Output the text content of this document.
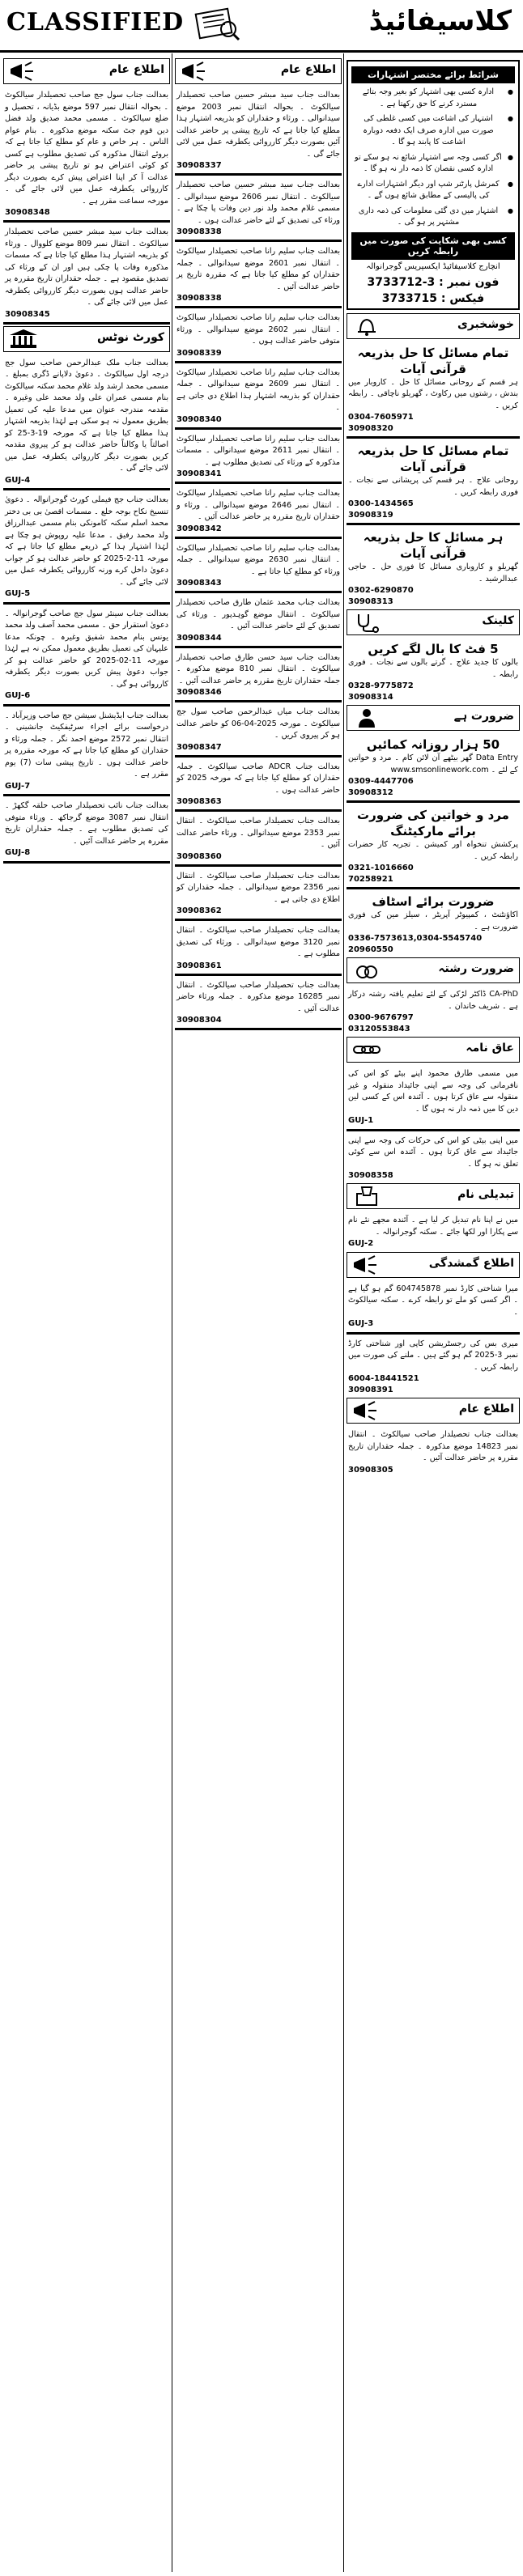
CLASSIFIED	کلاسیفائیڈ
اطلاع عام
بعدالت جناب سول جج صاحب تحصیلدار سیالکوٹ ۔ بحوالہ انتقال نمبر 597 موضع بڈیانہ ، تحصیل و ضلع سیالکوٹ ۔ مسمی محمد صدیق ولد فضل دین قوم جٹ سکنہ موضع مذکورہ ۔ بنام عوام الناس ۔ ہر خاص و عام کو مطلع کیا جاتا ہے کہ بروئے انتقال مذکورہ کی تصدیق مطلوب ہے کسی کو کوئی اعتراض ہو تو تاریخ پیشی پر حاضر عدالت آ کر اپنا اعتراض پیش کرے بصورت دیگر کارروائی یکطرفہ عمل میں لائی جائے گی ۔ مورخہ سماعت مقرر ہے ۔
30908348
بعدالت جناب سید مبشر حسین صاحب تحصیلدار سیالکوٹ ۔ انتقال نمبر 809 موضع کلووال ۔ ورثاء کو بذریعہ اشتہار ہذا مطلع کیا جاتا ہے کہ مسمات مذکورہ وفات پا چکی ہیں اور ان کے ورثاء کی تصدیق مقصود ہے ۔ جملہ حقداران تاریخ مقررہ پر حاضر عدالت ہوں بصورت دیگر کارروائی یکطرفہ عمل میں لائی جائے گی ۔
30908345
کورٹ نوٹس
بعدالت جناب ملک عبدالرحمن صاحب سول جج درجہ اول سیالکوٹ ۔ دعویٰ دلاپانے ڈگری بمبلغ ۔ مسمی محمد ارشد ولد غلام محمد سکنہ سیالکوٹ بنام مسمی عمران علی ولد محمد علی وغیرہ ۔ مقدمہ مندرجہ عنوان میں مدعا علیہ کی تعمیل بطریق معمول نہ ہو سکی ہے لہٰذا بذریعہ اشتہار ہذا مطلع کیا جاتا ہے کہ مورخہ 19-3-25 کو اصالتاً یا وکالتاً حاضر عدالت ہو کر پیروی مقدمہ کریں بصورت دیگر کارروائی یکطرفہ عمل میں لائی جائے گی ۔
GUJ-4
بعدالت جناب جج فیملی کورٹ گوجرانوالہ ۔ دعویٰ تنسیخ نکاح بوجہ خلع ۔ مسمات اقصیٰ بی بی دختر محمد اسلم سکنہ کامونکی بنام مسمی عبدالرزاق ولد محمد رفیق ۔ مدعا علیہ روپوش ہو چکا ہے لہٰذا اشتہار ہذا کے ذریعے مطلع کیا جاتا ہے کہ مورخہ 11-2-2025 کو حاضر عدالت ہو کر جواب دعویٰ داخل کرے ورنہ کارروائی یکطرفہ عمل میں لائی جائے گی ۔
GUJ-5
بعدالت جناب سینئر سول جج صاحب گوجرانوالہ ۔ دعویٰ استقرار حق ۔ مسمی محمد آصف ولد محمد یونس بنام محمد شفیق وغیرہ ۔ چونکہ مدعا علیہان کی تعمیل بطریق معمول ممکن نہ ہے لہٰذا مورخہ 11-02-2025 کو حاضر عدالت ہو کر جواب دعویٰ پیش کریں بصورت دیگر یکطرفہ کارروائی ہو گی ۔
GUJ-6
بعدالت جناب ایڈیشنل سیشن جج صاحب وزیرآباد ۔ درخواست برائے اجراء سرٹیفکیٹ جانشینی ۔ انتقال نمبر 2572 موضع احمد نگر ۔ جملہ ورثاء و حقداران کو مطلع کیا جاتا ہے کہ مورخہ مقررہ پر حاضر عدالت ہوں ۔ تاریخ پیشی سات (7) یوم مقرر ہے ۔
GUJ-7
بعدالت جناب نائب تحصیلدار صاحب حلقہ گکھڑ ۔ انتقال نمبر 3087 موضع گرجاکھ ۔ ورثاء متوفی کی تصدیق مطلوب ہے ۔ جملہ حقداران تاریخ مقررہ پر حاضر عدالت آئیں ۔
GUJ-8
اطلاع عام
بعدالت جناب سید مبشر حسین صاحب تحصیلدار سیالکوٹ ۔ بحوالہ انتقال نمبر 2003 موضع سیدانوالی ۔ ورثاء و حقداران کو بذریعہ اشتہار ہذا مطلع کیا جاتا ہے کہ تاریخ پیشی پر حاضر عدالت آئیں بصورت دیگر کارروائی یکطرفہ عمل میں لائی جائے گی ۔
30908337
بعدالت جناب سید مبشر حسین صاحب تحصیلدار سیالکوٹ ۔ انتقال نمبر 2606 موضع سیدانوالی ۔ مسمی غلام محمد ولد نور دین وفات پا چکا ہے ۔ ورثاء کی تصدیق کے لئے حاضر عدالت ہوں ۔
30908338
بعدالت جناب سلیم رانا صاحب تحصیلدار سیالکوٹ ۔ انتقال نمبر 2601 موضع سیدانوالی ۔ جملہ حقداران کو مطلع کیا جاتا ہے کہ مقررہ تاریخ پر حاضر عدالت آئیں ۔
30908338
بعدالت جناب سلیم رانا صاحب تحصیلدار سیالکوٹ ۔ انتقال نمبر 2602 موضع سیدانوالی ۔ ورثاء متوفی حاضر عدالت ہوں ۔
30908339
بعدالت جناب سلیم رانا صاحب تحصیلدار سیالکوٹ ۔ انتقال نمبر 2609 موضع سیدانوالی ۔ جملہ حقداران کو بذریعہ اشتہار ہذا اطلاع دی جاتی ہے ۔
30908340
بعدالت جناب سلیم رانا صاحب تحصیلدار سیالکوٹ ۔ انتقال نمبر 2611 موضع سیدانوالی ۔ مسمات مذکورہ کے ورثاء کی تصدیق مطلوب ہے ۔
30908341
بعدالت جناب سلیم رانا صاحب تحصیلدار سیالکوٹ ۔ انتقال نمبر 2646 موضع سیدانوالی ۔ ورثاء و حقداران تاریخ مقررہ پر حاضر عدالت آئیں ۔
30908342
بعدالت جناب سلیم رانا صاحب تحصیلدار سیالکوٹ ۔ انتقال نمبر 2630 موضع سیدانوالی ۔ جملہ ورثاء کو مطلع کیا جاتا ہے ۔
30908343
بعدالت جناب محمد عثمان طارق صاحب تحصیلدار سیالکوٹ ۔ انتقال موضع گوہدپور ۔ ورثاء کی تصدیق کے لئے حاضر عدالت آئیں ۔
30908344
بعدالت جناب سید حسن طارق صاحب تحصیلدار سیالکوٹ ۔ انتقال نمبر 810 موضع مذکورہ ۔ جملہ حقداران تاریخ مقررہ پر حاضر عدالت آئیں ۔
30908346
بعدالت جناب میاں عبدالرحمن صاحب سول جج سیالکوٹ ۔ مورخہ 2025-04-06 کو حاضر عدالت ہو کر پیروی کریں ۔
30908347
بعدالت جناب ADCR صاحب سیالکوٹ ۔ جملہ حقداران کو مطلع کیا جاتا ہے کہ مورخہ 2025 کو حاضر عدالت ہوں ۔
30908363
بعدالت جناب تحصیلدار صاحب سیالکوٹ ۔ انتقال نمبر 2353 موضع سیدانوالی ۔ ورثاء حاضر عدالت آئیں ۔
30908360
بعدالت جناب تحصیلدار صاحب سیالکوٹ ۔ انتقال نمبر 2356 موضع سیدانوالی ۔ جملہ حقداران کو اطلاع دی جاتی ہے ۔
30908362
بعدالت جناب تحصیلدار صاحب سیالکوٹ ۔ انتقال نمبر 3120 موضع سیدانوالی ۔ ورثاء کی تصدیق مطلوب ہے ۔
30908361
بعدالت جناب تحصیلدار صاحب سیالکوٹ ۔ انتقال نمبر 16285 موضع مذکورہ ۔ جملہ ورثاء حاضر عدالت آئیں ۔
30908304
شرائط برائے مختصر اشتہارات
● ادارہ کسی بھی اشتہار کو بغیر وجہ بتائے مسترد کرنے کا حق رکھتا ہے ۔
● اشتہار کی اشاعت میں کسی غلطی کی صورت میں ادارہ صرف ایک دفعہ دوبارہ اشاعت کا پابند ہو گا ۔
● اگر کسی وجہ سے اشتہار شائع نہ ہو سکے تو ادارہ کسی نقصان کا ذمہ دار نہ ہو گا ۔
● کمرشل پارٹنر شپ اور دیگر اشتہارات ادارے کی پالیسی کے مطابق شائع ہوں گے ۔
● اشتہار میں دی گئی معلومات کی ذمہ داری مشتہر پر ہو گی ۔
کسی بھی شکایت کی صورت میں رابطہ کریں
انچارج کلاسیفائیڈ ایکسپریس گوجرانوالہ
3733712-3 : فون نمبر
3733715 : فیکس
خوشخبری
تمام مسائل کا حل بذریعہ قرآنی آیات
ہر قسم کے روحانی مسائل کا حل ۔ کاروبار میں بندش ، رشتوں میں رکاوٹ ، گھریلو ناچاقی ۔ رابطہ کریں ۔
0304-7605971
30908320
تمام مسائل کا حل بذریعہ قرآنی آیات
روحانی علاج ۔ ہر قسم کی پریشانی سے نجات ۔ فوری رابطہ کریں ۔
0300-1434565
30908319
ہر مسائل کا حل بذریعہ قرآنی آیات
گھریلو و کاروباری مسائل کا فوری حل ۔ حاجی عبدالرشید ۔
0302-6290870
30908313
کلینک
5 فٹ کا بال لگے کریں
بالوں کا جدید علاج ۔ گرتے بالوں سے نجات ۔ فوری رابطہ ۔
0328-9775872
30908314
ضرورت ہے
50 ہزار روزانہ کمائیں
Data Entry گھر بیٹھے آن لائن کام ۔ مرد و خواتین کے لئے ۔ www.smsonlinework.com
0309-4447706
30908312
مرد و خواتین کی ضرورت برائے مارکیٹنگ
پرکشش تنخواہ اور کمیشن ۔ تجربہ کار حضرات رابطہ کریں ۔
0321-1016660
70258921
ضرورت برائے اسٹاف
اکاؤنٹنٹ ، کمپیوٹر آپریٹر ، سیلز مین کی فوری ضرورت ہے ۔
0336-7573613,0304-5545740
20960550
ضرورت رشتہ
CA-PhD ڈاکٹر لڑکی کے لئے تعلیم یافتہ رشتہ درکار ہے ۔ شریف خاندان ۔
0300-9676797
03120553843
عاق نامہ
میں مسمی طارق محمود اپنے بیٹے کو اس کی نافرمانی کی وجہ سے اپنی جائیداد منقولہ و غیر منقولہ سے عاق کرتا ہوں ۔ آئندہ اس کے کسی لین دین کا میں ذمہ دار نہ ہوں گا ۔
GUJ-1
میں اپنی بیٹی کو اس کی حرکات کی وجہ سے اپنی جائیداد سے عاق کرتا ہوں ۔ آئندہ اس سے کوئی تعلق نہ ہو گا ۔
30908358
تبدیلی نام
میں نے اپنا نام تبدیل کر لیا ہے ۔ آئندہ مجھے نئے نام سے پکارا اور لکھا جائے ۔ سکنہ گوجرانوالہ ۔
GUJ-2
اطلاع گمشدگی
میرا شناختی کارڈ نمبر 604745878 گم ہو گیا ہے ۔ اگر کسی کو ملے تو رابطہ کرے ۔ سکنہ سیالکوٹ ۔
GUJ-3
میری بس کی رجسٹریشن کاپی اور شناختی کارڈ نمبر 3-2025 گم ہو گئے ہیں ۔ ملنے کی صورت میں رابطہ کریں ۔
6004-18441521
30908391
اطلاع عام
بعدالت جناب تحصیلدار صاحب سیالکوٹ ۔ انتقال نمبر 14823 موضع مذکورہ ۔ جملہ حقداران تاریخ مقررہ پر حاضر عدالت آئیں ۔
30908305
